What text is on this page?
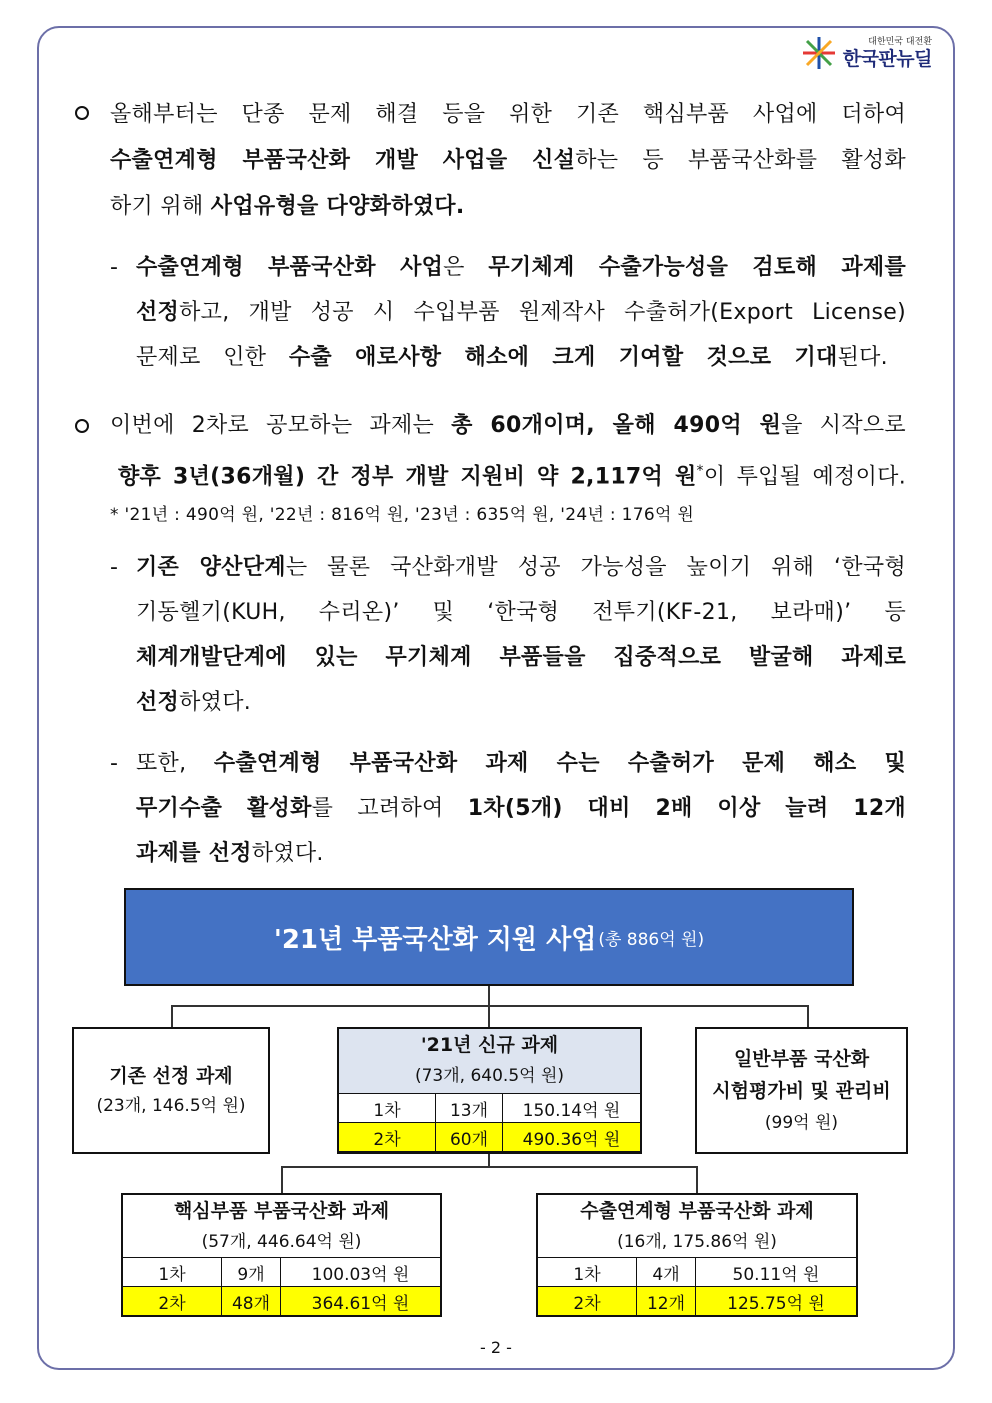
대한민국 대전환
한국판뉴딜
올해부터는 단종 문제 해결 등을 위한 기존 핵심부품 사업에 더하여
수출연계형 부품국산화 개발 사업을 신설하는 등 부품국산화를 활성화
하기 위해 사업유형을 다양화하였다.
- 수출연계형 부품국산화 사업은 무기체계 수출가능성을 검토해 과제를
선정하고, 개발 성공 시 수입부품 원제작사 수출허가(Export License)
문제로 인한 수출 애로사항 해소에 크게 기여할 것으로 기대된다.
이번에 2차로 공모하는 과제는 총 60개이며, 올해 490억 원을 시작으로
향후 3년(36개월) 간 정부 개발 지원비 약 2,117억 원*이 투입될 예정이다.
* '21년 : 490억 원, '22년 : 816억 원, '23년 : 635억 원, '24년 : 176억 원
- 기존 양산단계는 물론 국산화개발 성공 가능성을 높이기 위해 ‘한국형
기동헬기(KUH, 수리온)’ 및 ‘한국형 전투기(KF-21, 보라매)’ 등
체계개발단계에 있는 무기체계 부품들을 집중적으로 발굴해 과제로
선정하였다.
- 또한, 수출연계형 부품국산화 과제 수는 수출허가 문제 해소 및
무기수출 활성화를 고려하여 1차(5개) 대비 2배 이상 늘려 12개
과제를 선정하였다.
'21년 부품국산화 지원 사업 (총 886억 원)
기존 선정 과제
(23개, 146.5억 원)
'21년 신규 과제
(73개, 640.5억 원)
1차	13개	150.14억 원
2차	60개	490.36억 원
일반부품 국산화
시험평가비 및 관리비
(99억 원)
핵심부품 부품국산화 과제
(57개, 446.64억 원)
1차	9개	100.03억 원
2차	48개	364.61억 원
수출연계형 부품국산화 과제
(16개, 175.86억 원)
1차	4개	50.11억 원
2차	12개	125.75억 원
- 2 -
